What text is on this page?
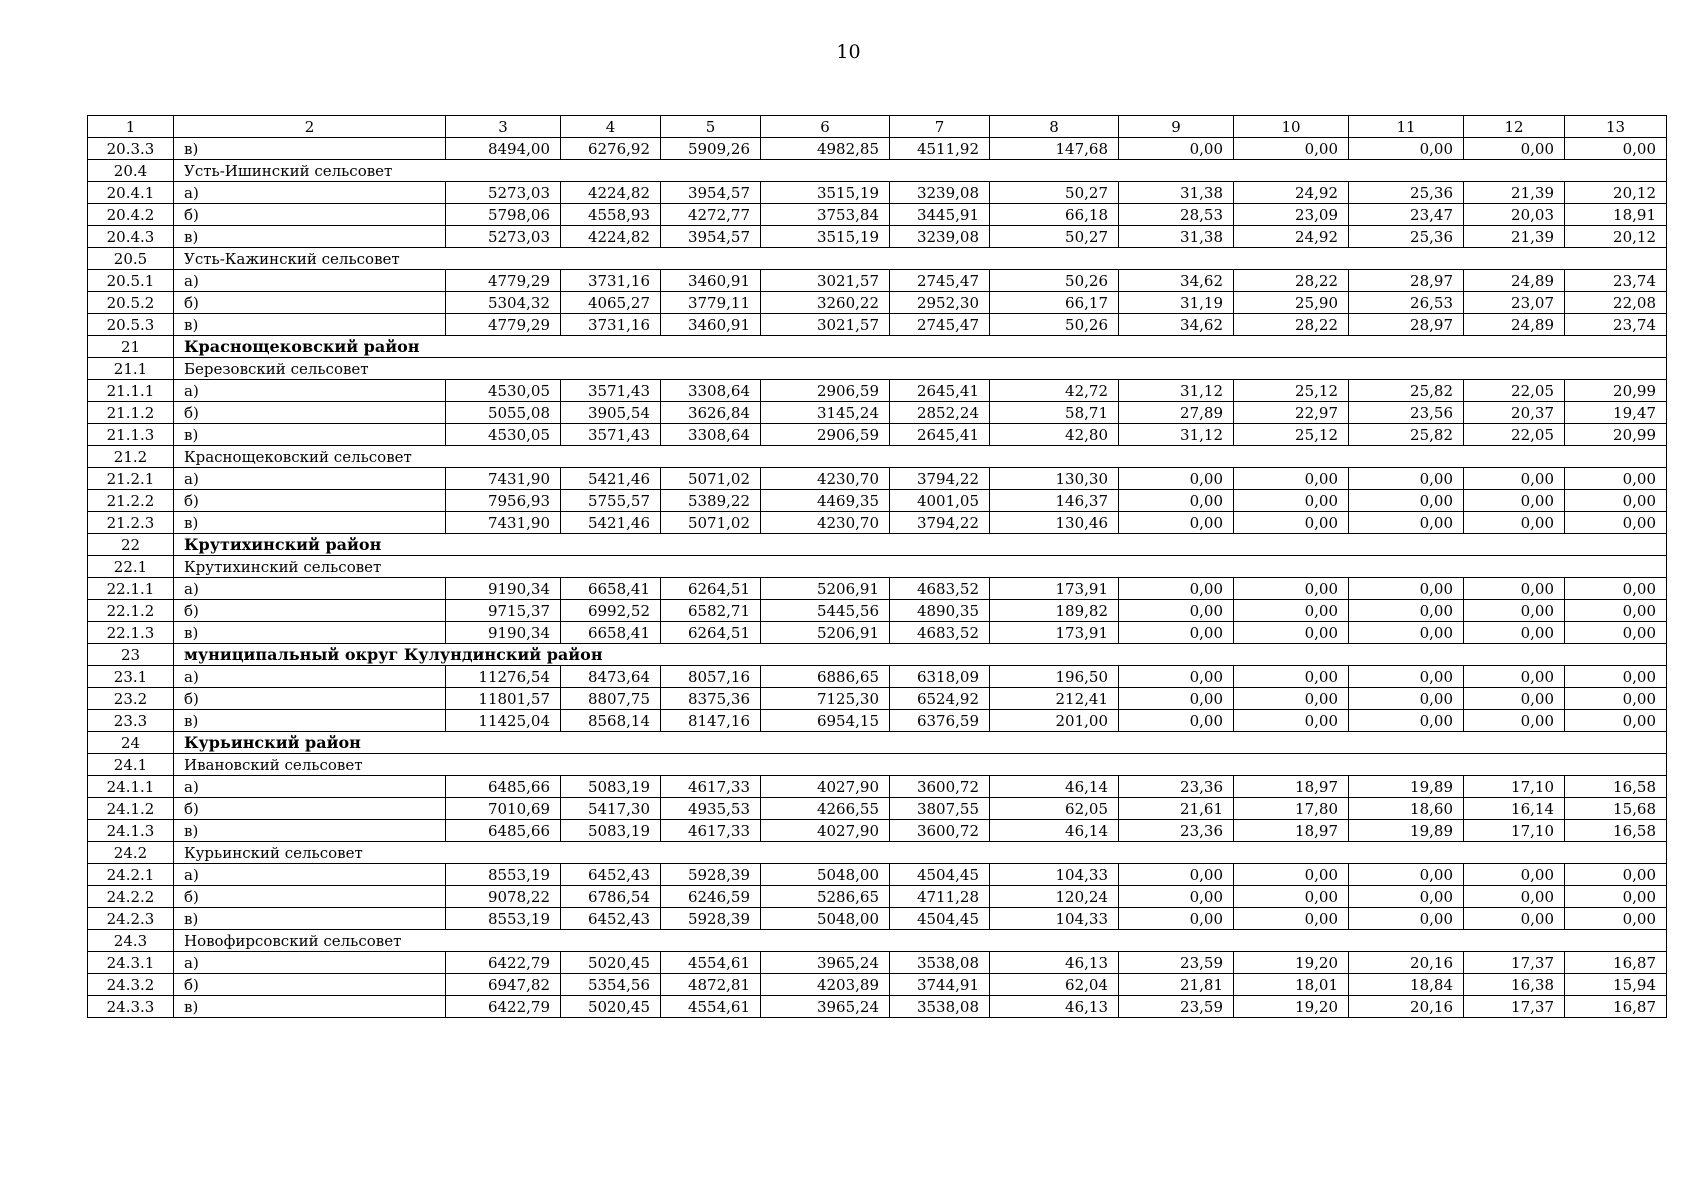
10
1	2	3	4	5	6	7	8	9	10	11	12	13
20.3.3	в)	8494,00	6276,92	5909,26	4982,85	4511,92	147,68	0,00	0,00	0,00	0,00	0,00
20.4	Усть-Ишинский сельсовет											
20.4.1	а)	5273,03	4224,82	3954,57	3515,19	3239,08	50,27	31,38	24,92	25,36	21,39	20,12
20.4.2	б)	5798,06	4558,93	4272,77	3753,84	3445,91	66,18	28,53	23,09	23,47	20,03	18,91
20.4.3	в)	5273,03	4224,82	3954,57	3515,19	3239,08	50,27	31,38	24,92	25,36	21,39	20,12
20.5	Усть-Кажинский сельсовет											
20.5.1	а)	4779,29	3731,16	3460,91	3021,57	2745,47	50,26	34,62	28,22	28,97	24,89	23,74
20.5.2	б)	5304,32	4065,27	3779,11	3260,22	2952,30	66,17	31,19	25,90	26,53	23,07	22,08
20.5.3	в)	4779,29	3731,16	3460,91	3021,57	2745,47	50,26	34,62	28,22	28,97	24,89	23,74
21	Краснощековский район											
21.1	Березовский сельсовет											
21.1.1	а)	4530,05	3571,43	3308,64	2906,59	2645,41	42,72	31,12	25,12	25,82	22,05	20,99
21.1.2	б)	5055,08	3905,54	3626,84	3145,24	2852,24	58,71	27,89	22,97	23,56	20,37	19,47
21.1.3	в)	4530,05	3571,43	3308,64	2906,59	2645,41	42,80	31,12	25,12	25,82	22,05	20,99
21.2	Краснощековский сельсовет											
21.2.1	а)	7431,90	5421,46	5071,02	4230,70	3794,22	130,30	0,00	0,00	0,00	0,00	0,00
21.2.2	б)	7956,93	5755,57	5389,22	4469,35	4001,05	146,37	0,00	0,00	0,00	0,00	0,00
21.2.3	в)	7431,90	5421,46	5071,02	4230,70	3794,22	130,46	0,00	0,00	0,00	0,00	0,00
22	Крутихинский район											
22.1	Крутихинский сельсовет											
22.1.1	а)	9190,34	6658,41	6264,51	5206,91	4683,52	173,91	0,00	0,00	0,00	0,00	0,00
22.1.2	б)	9715,37	6992,52	6582,71	5445,56	4890,35	189,82	0,00	0,00	0,00	0,00	0,00
22.1.3	в)	9190,34	6658,41	6264,51	5206,91	4683,52	173,91	0,00	0,00	0,00	0,00	0,00
23	муниципальный округ Кулундинский район											
23.1	а)	11276,54	8473,64	8057,16	6886,65	6318,09	196,50	0,00	0,00	0,00	0,00	0,00
23.2	б)	11801,57	8807,75	8375,36	7125,30	6524,92	212,41	0,00	0,00	0,00	0,00	0,00
23.3	в)	11425,04	8568,14	8147,16	6954,15	6376,59	201,00	0,00	0,00	0,00	0,00	0,00
24	Курьинский район											
24.1	Ивановский сельсовет											
24.1.1	а)	6485,66	5083,19	4617,33	4027,90	3600,72	46,14	23,36	18,97	19,89	17,10	16,58
24.1.2	б)	7010,69	5417,30	4935,53	4266,55	3807,55	62,05	21,61	17,80	18,60	16,14	15,68
24.1.3	в)	6485,66	5083,19	4617,33	4027,90	3600,72	46,14	23,36	18,97	19,89	17,10	16,58
24.2	Курьинский сельсовет											
24.2.1	а)	8553,19	6452,43	5928,39	5048,00	4504,45	104,33	0,00	0,00	0,00	0,00	0,00
24.2.2	б)	9078,22	6786,54	6246,59	5286,65	4711,28	120,24	0,00	0,00	0,00	0,00	0,00
24.2.3	в)	8553,19	6452,43	5928,39	5048,00	4504,45	104,33	0,00	0,00	0,00	0,00	0,00
24.3	Новофирсовский сельсовет											
24.3.1	а)	6422,79	5020,45	4554,61	3965,24	3538,08	46,13	23,59	19,20	20,16	17,37	16,87
24.3.2	б)	6947,82	5354,56	4872,81	4203,89	3744,91	62,04	21,81	18,01	18,84	16,38	15,94
24.3.3	в)	6422,79	5020,45	4554,61	3965,24	3538,08	46,13	23,59	19,20	20,16	17,37	16,87
